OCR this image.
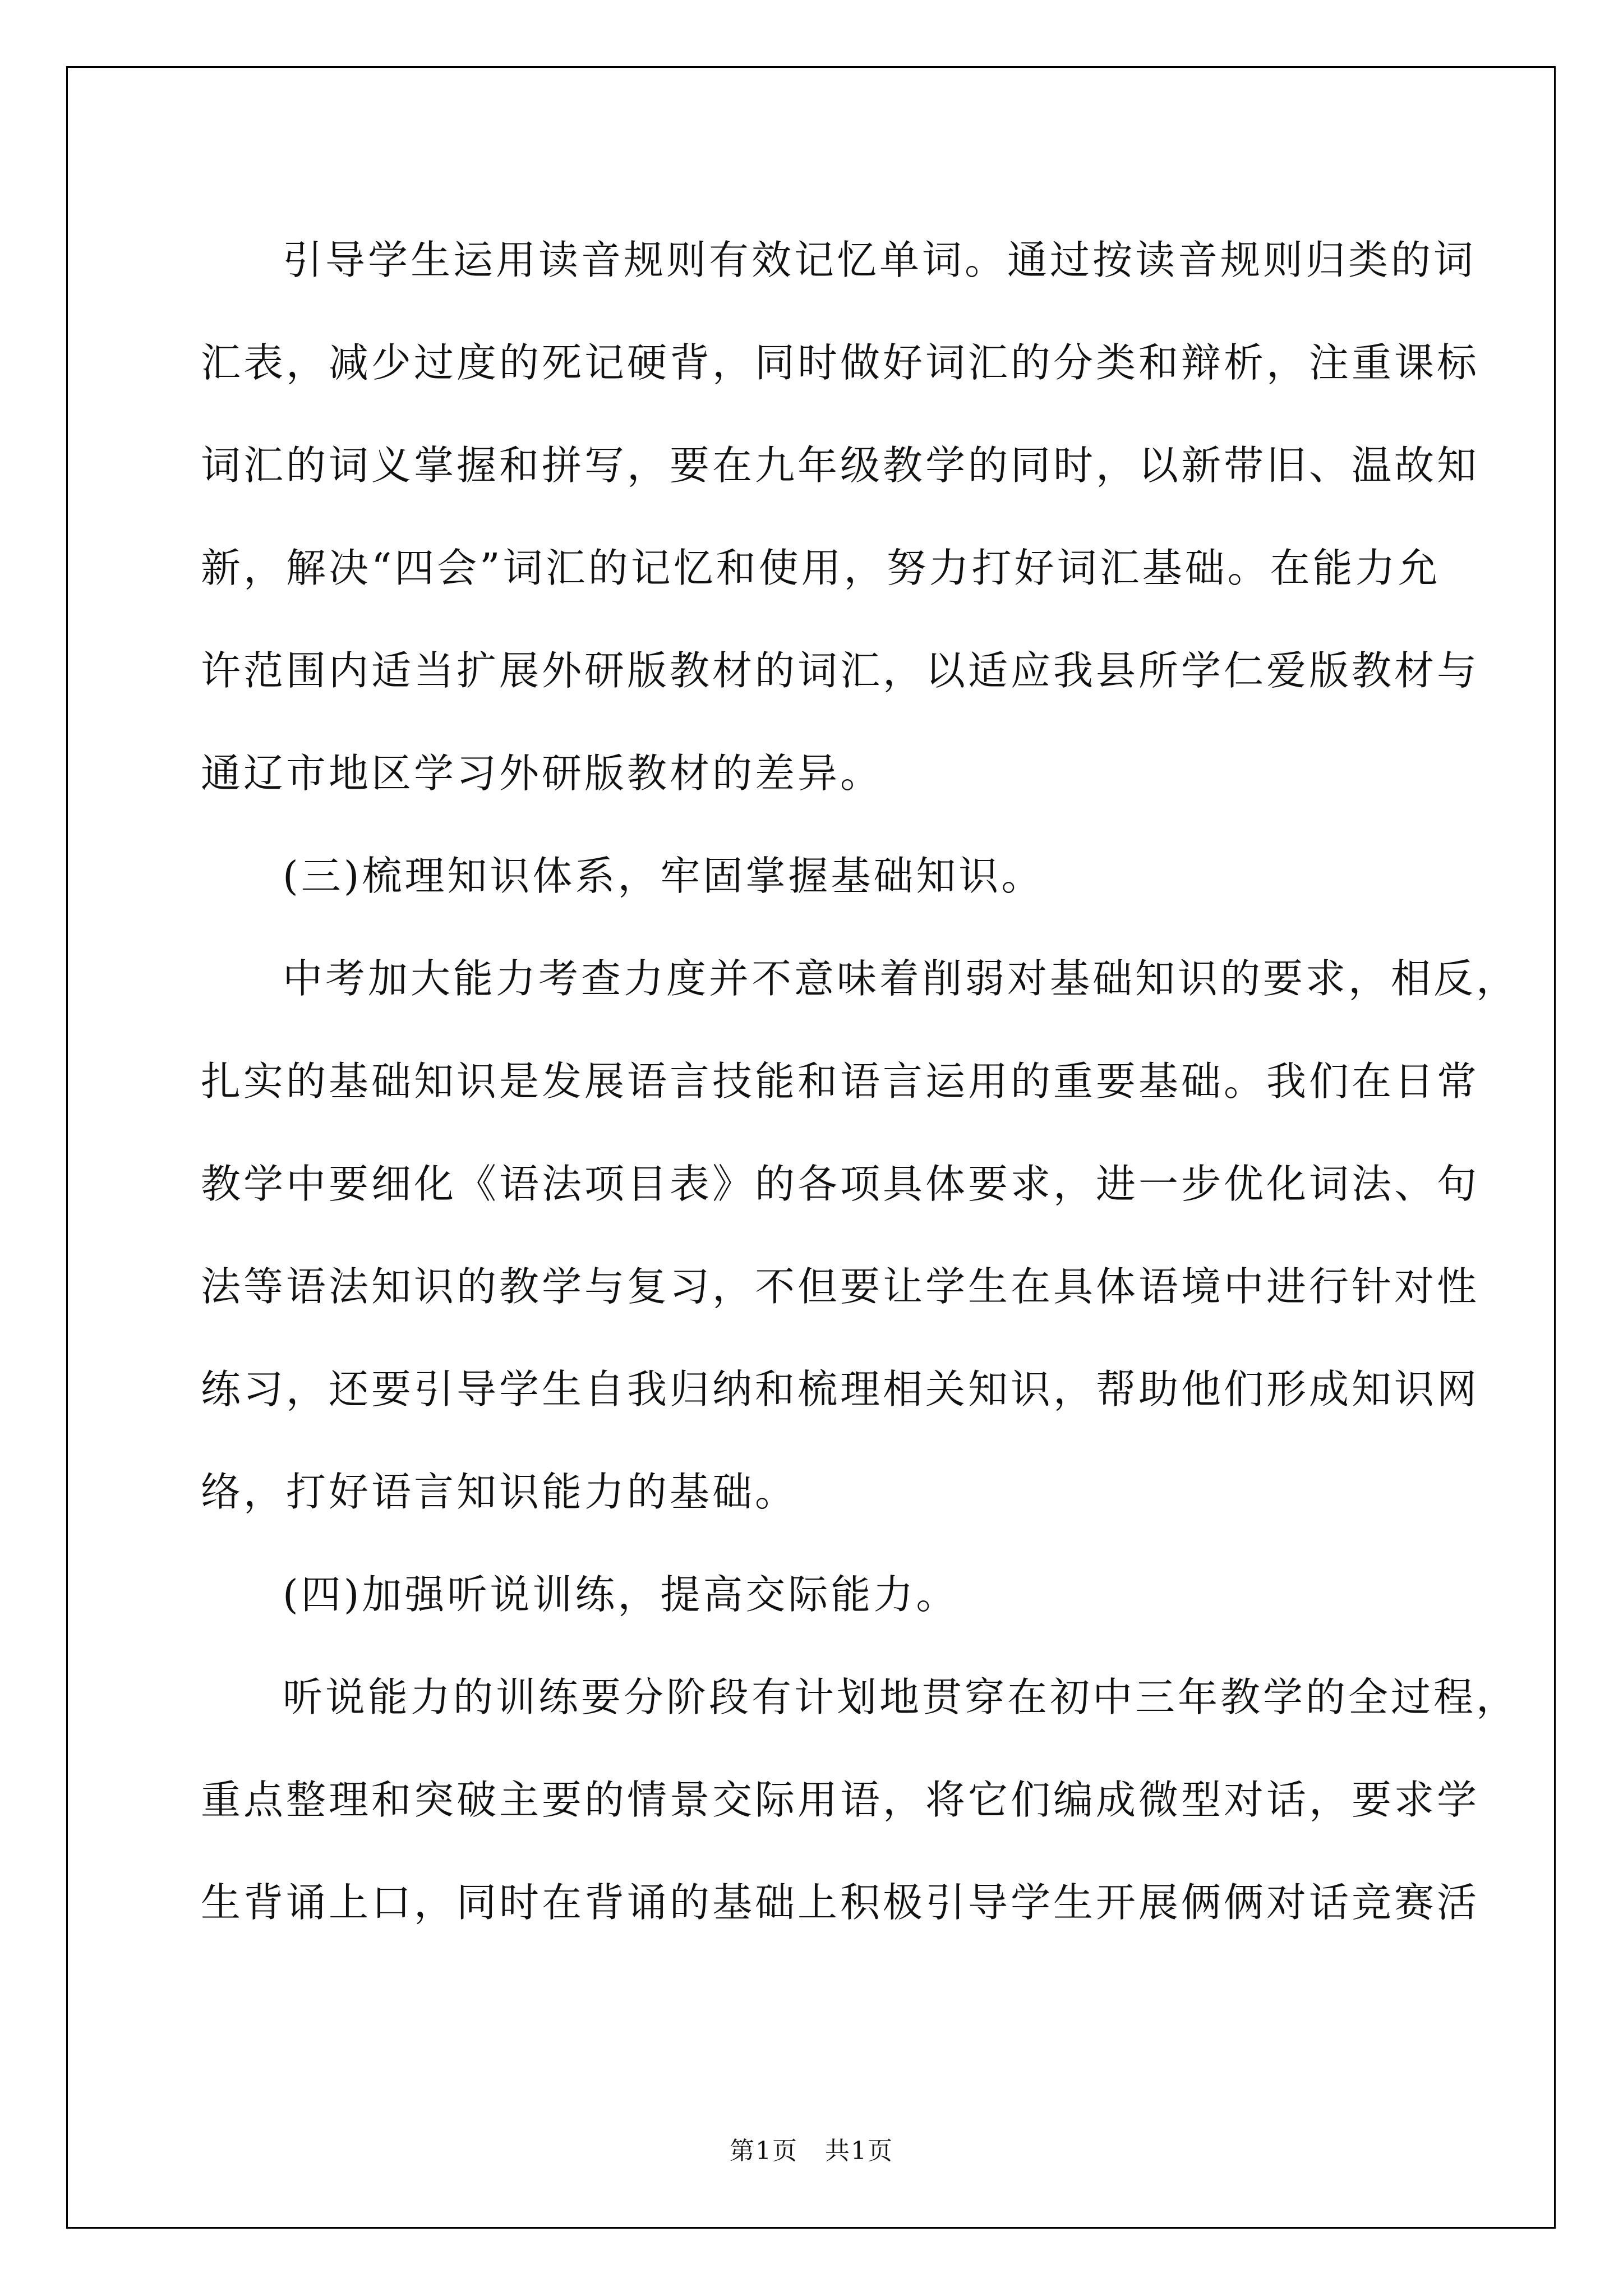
引导学生运用读音规则有效记忆单词。通过按读音规则归类的词
汇表，减少过度的死记硬背，同时做好词汇的分类和辩析，注重课标
词汇的词义掌握和拼写，要在九年级教学的同时，以新带旧、温故知
新，解决“四会”词汇的记忆和使用，努力打好词汇基础。在能力允
许范围内适当扩展外研版教材的词汇，以适应我县所学仁爱版教材与
通辽市地区学习外研版教材的差异。
(三)梳理知识体系，牢固掌握基础知识。
中考加大能力考查力度并不意味着削弱对基础知识的要求，相反，
扎实的基础知识是发展语言技能和语言运用的重要基础。我们在日常
教学中要细化《语法项目表》的各项具体要求，进一步优化词法、句
法等语法知识的教学与复习，不但要让学生在具体语境中进行针对性
练习，还要引导学生自我归纳和梳理相关知识，帮助他们形成知识网
络，打好语言知识能力的基础。
(四)加强听说训练，提高交际能力。
听说能力的训练要分阶段有计划地贯穿在初中三年教学的全过程，
重点整理和突破主要的情景交际用语，将它们编成微型对话，要求学
生背诵上口，同时在背诵的基础上积极引导学生开展俩俩对话竞赛活
第1页   共1页
